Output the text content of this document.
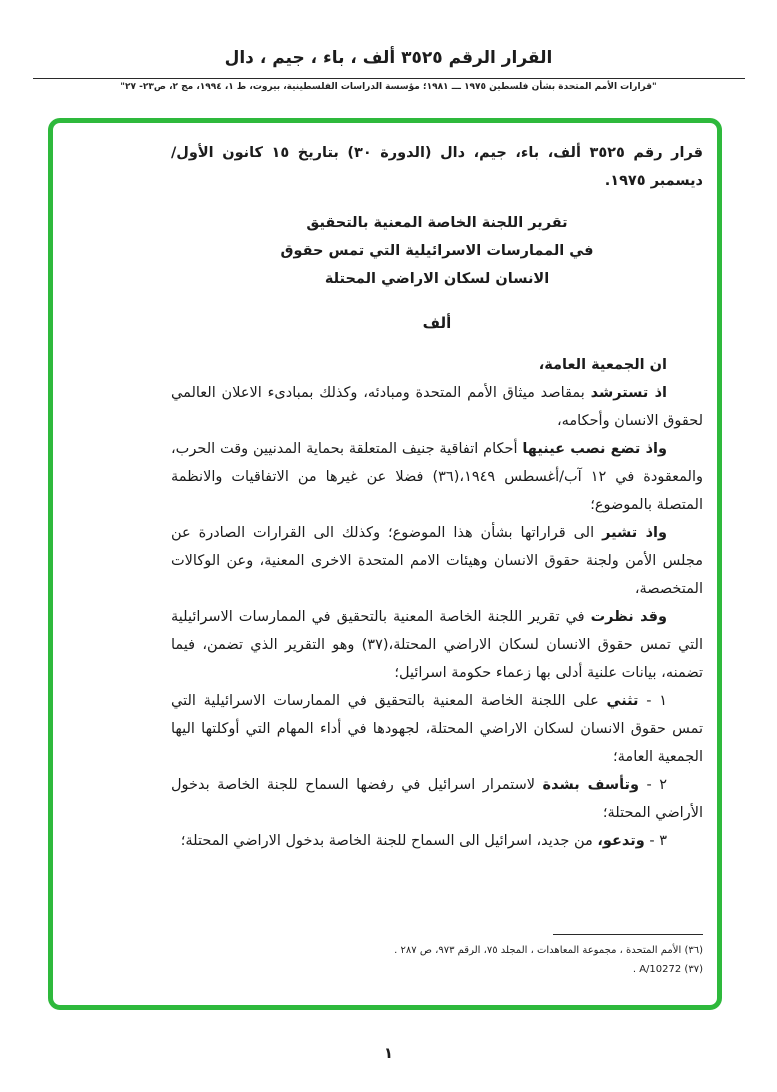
القرار الرقم ٣٥٢٥ ألف ، باء ، جيم ، دال
"قرارات الأمم المتحدة بشأن فلسطين ١٩٧٥ ـــ ١٩٨١؛ مؤسسة الدراسات الفلسطينية، بيروت، ط ١، ١٩٩٤، مج ٢، ص٢٣- ٢٧"

قرار رقم ٣٥٢٥ ألف، باء، جيم، دال (الدورة ٣٠) بتاريخ ١٥ كانون الأول/ديسمبر ١٩٧٥.

تقرير اللجنة الخاصة المعنية بالتحقيق
في الممارسات الاسرائيلية التي تمس حقوق
الانسان لسكان الاراضي المحتلة
ألف

ان الجمعية العامة،

اذ تسترشد بمقاصد ميثاق الأمم المتحدة ومبادئه، وكذلك بمبادىء الاعلان العالمي لحقوق الانسان وأحكامه،

واذ تضع نصب عينيها أحكام اتفاقية جنيف المتعلقة بحماية المدنيين وقت الحرب، والمعقودة في ١٢ آب/أغسطس ١٩٤٩،(٣٦) فضلا عن غيرها من الاتفاقيات والانظمة المتصلة بالموضوع؛

واذ تشير الى قراراتها بشأن هذا الموضوع؛ وكذلك الى القرارات الصادرة عن مجلس الأمن ولجنة حقوق الانسان وهيئات الامم المتحدة الاخرى المعنية، وعن الوكالات المتخصصة،

وقد نظرت في تقرير اللجنة الخاصة المعنية بالتحقيق في الممارسات الاسرائيلية التي تمس حقوق الانسان لسكان الاراضي المحتلة،(٣٧) وهو التقرير الذي تضمن، فيما تضمنه، بيانات علنية أدلى بها زعماء حكومة اسرائيل؛

١ - تثني على اللجنة الخاصة المعنية بالتحقيق في الممارسات الاسرائيلية التي تمس حقوق الانسان لسكان الاراضي المحتلة، لجهودها في أداء المهام التي أوكلتها اليها الجمعية العامة؛

٢ - وتأسف بشدة لاستمرار اسرائيل في رفضها السماح للجنة الخاصة بدخول الأراضي المحتلة؛

٣ - وتدعو، من جديد، اسرائيل الى السماح للجنة الخاصة بدخول الاراضي المحتلة؛

(٣٦) الأمم المتحدة ، مجموعة المعاهدات ، المجلد ٧٥، الرقم ٩٧٣، ص ٢٨٧ .
(٣٧) A/10272 .
١
